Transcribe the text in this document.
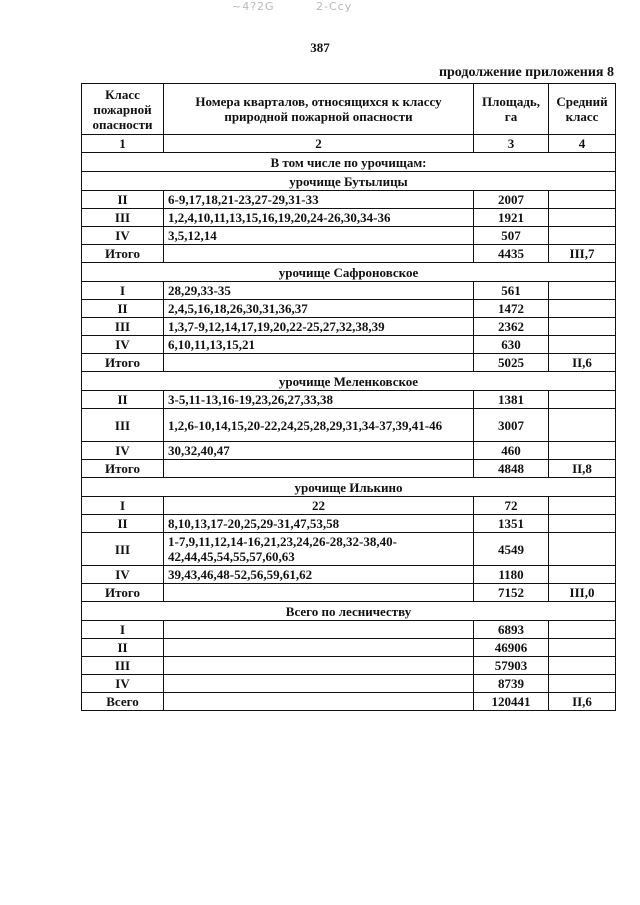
~4?2G	2-Ccy
387
продолжение приложения 8
Класс пожарной опасности	Номера кварталов, относящихся к классу природной пожарной опасности	Площадь, га	Средний класс
1	2	3	4
В том числе по урочищам:			
урочище Бутылицы			
II	6-9,17,18,21-23,27-29,31-33	2007	
III	1,2,4,10,11,13,15,16,19,20,24-26,30,34-36	1921	
IV	3,5,12,14	507	
Итого		4435	III,7
урочище Сафроновское			
I	28,29,33-35	561	
II	2,4,5,16,18,26,30,31,36,37	1472	
III	1,3,7-9,12,14,17,19,20,22-25,27,32,38,39	2362	
IV	6,10,11,13,15,21	630	
Итого		5025	II,6
урочище Меленковское			
II	3-5,11-13,16-19,23,26,27,33,38	1381	
III	1,2,6-10,14,15,20-22,24,25,28,29,31,34-37,39,41-46	3007	
IV	30,32,40,47	460	
Итого		4848	II,8
урочище Илькино			
I	22	72	
II	8,10,13,17-20,25,29-31,47,53,58	1351	
III	1-7,9,11,12,14-16,21,23,24,26-28,32-38,40-42,44,45,54,55,57,60,63	4549	
IV	39,43,46,48-52,56,59,61,62	1180	
Итого		7152	III,0
Всего по лесничеству			
I		6893	
II		46906	
III		57903	
IV		8739	
Всего		120441	II,6
